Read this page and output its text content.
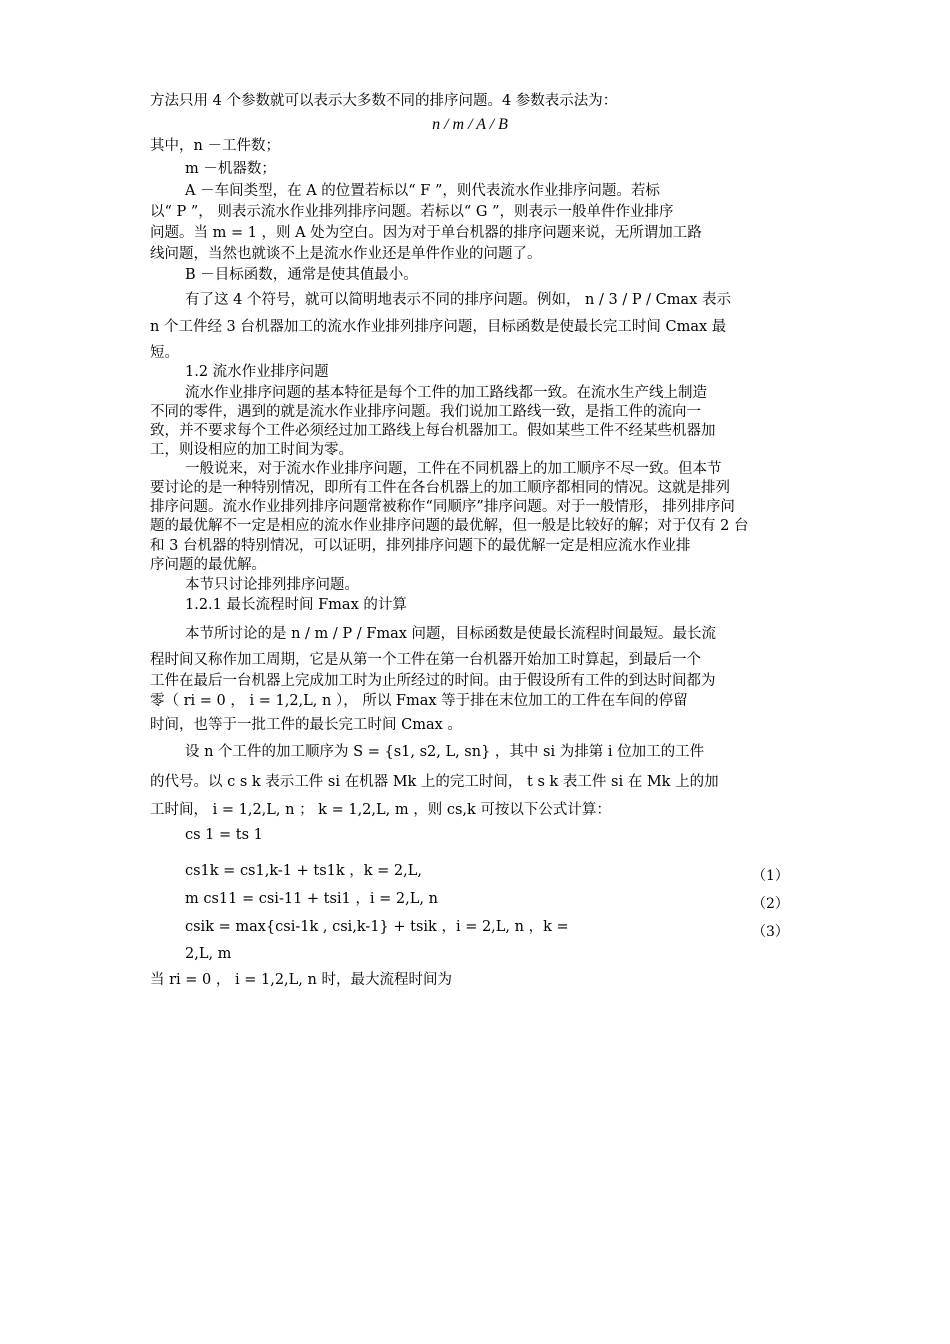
方法只用 4 个参数就可以表示大多数不同的排序问题。4 参数表示法为：
n / m / A / B
其中，n －工件数；
m －机器数；
A －车间类型，在 A 的位置若标以“ F ”，则代表流水作业排序问题。若标
以“ P ”， 则表示流水作业排列排序问题。若标以“ G ”，则表示一般单件作业排序
问题。当 m = 1 ，则 A 处为空白。因为对于单台机器的排序问题来说，无所谓加工路
线问题，当然也就谈不上是流水作业还是单件作业的问题了。
B －目标函数，通常是使其值最小。
有了这 4 个符号，就可以简明地表示不同的排序问题。例如， n / 3 / P / Cmax 表示
n 个工件经 3 台机器加工的流水作业排列排序问题，目标函数是使最长完工时间 Cmax 最
短。
1.2 流水作业排序问题
流水作业排序问题的基本特征是每个工件的加工路线都一致。在流水生产线上制造
不同的零件，遇到的就是流水作业排序问题。我们说加工路线一致，是指工件的流向一
致，并不要求每个工件必须经过加工路线上每台机器加工。假如某些工件不经某些机器加
工，则设相应的加工时间为零。
一般说来，对于流水作业排序问题，工件在不同机器上的加工顺序不尽一致。但本节
要讨论的是一种特别情况，即所有工件在各台机器上的加工顺序都相同的情况。这就是排列
排序问题。流水作业排列排序问题常被称作“同顺序”排序问题。对于一般情形， 排列排序问
题的最优解不一定是相应的流水作业排序问题的最优解，但一般是比较好的解；对于仅有 2 台
和 3 台机器的特别情况，可以证明，排列排序问题下的最优解一定是相应流水作业排
序问题的最优解。
本节只讨论排列排序问题。
1.2.1 最长流程时间 Fmax 的计算
本节所讨论的是 n / m / P / Fmax 问题，目标函数是使最长流程时间最短。最长流
程时间又称作加工周期，它是从第一个工件在第一台机器开始加工时算起，到最后一个
工件在最后一台机器上完成加工时为止所经过的时间。由于假设所有工件的到达时间都为
零（ ri = 0 ， i = 1,2,L, n ）， 所以 Fmax 等于排在末位加工的工件在车间的停留
时间，也等于一批工件的最长完工时间 Cmax 。
设 n 个工件的加工顺序为 S = {s1, s2, L, sn} ，其中 si 为排第 i 位加工的工件
的代号。以 c s k 表示工件 si 在机器 Mk 上的完工时间， t s k 表工件 si 在 Mk 上的加
工时间， i = 1,2,L, n ； k = 1,2,L, m ，则 cs,k 可按以下公式计算：
cs 1 = ts 1
cs1k = cs1,k-1 + ts1k ，k = 2,L,
m cs11 = csi-11 + tsi1 ，i = 2,L, n
csik = max{csi-1k , csi,k-1} + tsik ，i = 2,L, n ，k =
2,L, m
当 ri = 0 ， i = 1,2,L, n 时，最大流程时间为
（1）
（2）
（3）
